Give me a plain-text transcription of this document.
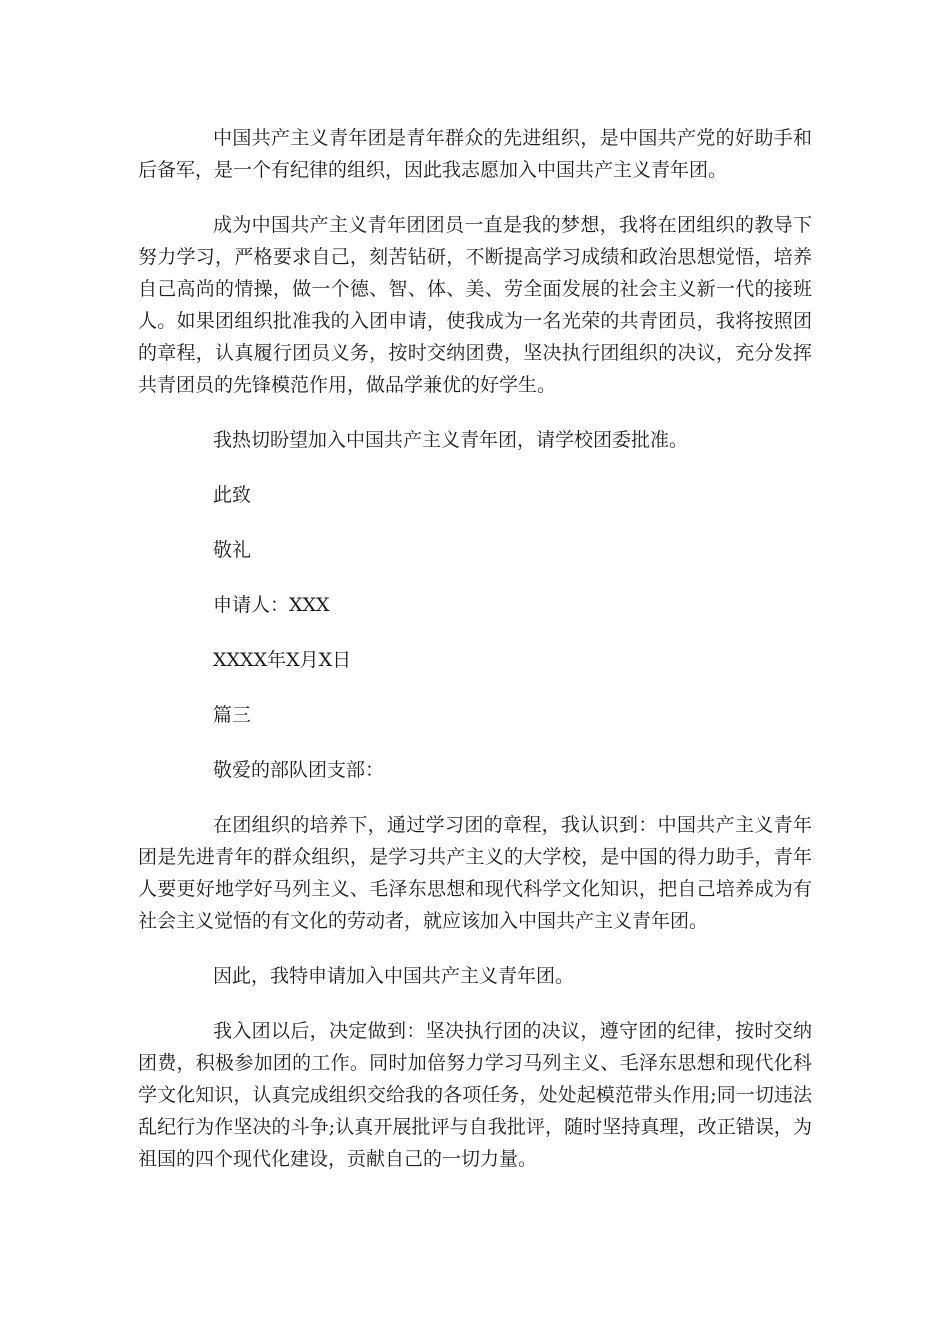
中国共产主义青年团是青年群众的先进组织，是中国共产党的好助手和后备军，是一个有纪律的组织，因此我志愿加入中国共产主义青年团。

成为中国共产主义青年团团员一直是我的梦想，我将在团组织的教导下努力学习，严格要求自己，刻苦钻研，不断提高学习成绩和政治思想觉悟，培养自己高尚的情操，做一个德、智、体、美、劳全面发展的社会主义新一代的接班人。如果团组织批准我的入团申请，使我成为一名光荣的共青团员，我将按照团的章程，认真履行团员义务，按时交纳团费，坚决执行团组织的决议，充分发挥共青团员的先锋模范作用，做品学兼优的好学生。

我热切盼望加入中国共产主义青年团，请学校团委批准。

此致

敬礼

申请人：XXX

XXXX年X月X日

篇三

敬爱的部队团支部：

在团组织的培养下，通过学习团的章程，我认识到：中国共产主义青年团是先进青年的群众组织，是学习共产主义的大学校，是中国的得力助手，青年人要更好地学好马列主义、毛泽东思想和现代科学文化知识，把自己培养成为有社会主义觉悟的有文化的劳动者，就应该加入中国共产主义青年团。

因此，我特申请加入中国共产主义青年团。

我入团以后，决定做到：坚决执行团的决议，遵守团的纪律，按时交纳团费，积极参加团的工作。同时加倍努力学习马列主义、毛泽东思想和现代化科学文化知识，认真完成组织交给我的各项任务，处处起模范带头作用;同一切违法乱纪行为作坚决的斗争;认真开展批评与自我批评，随时坚持真理，改正错误，为祖国的四个现代化建设，贡献自己的一切力量。
